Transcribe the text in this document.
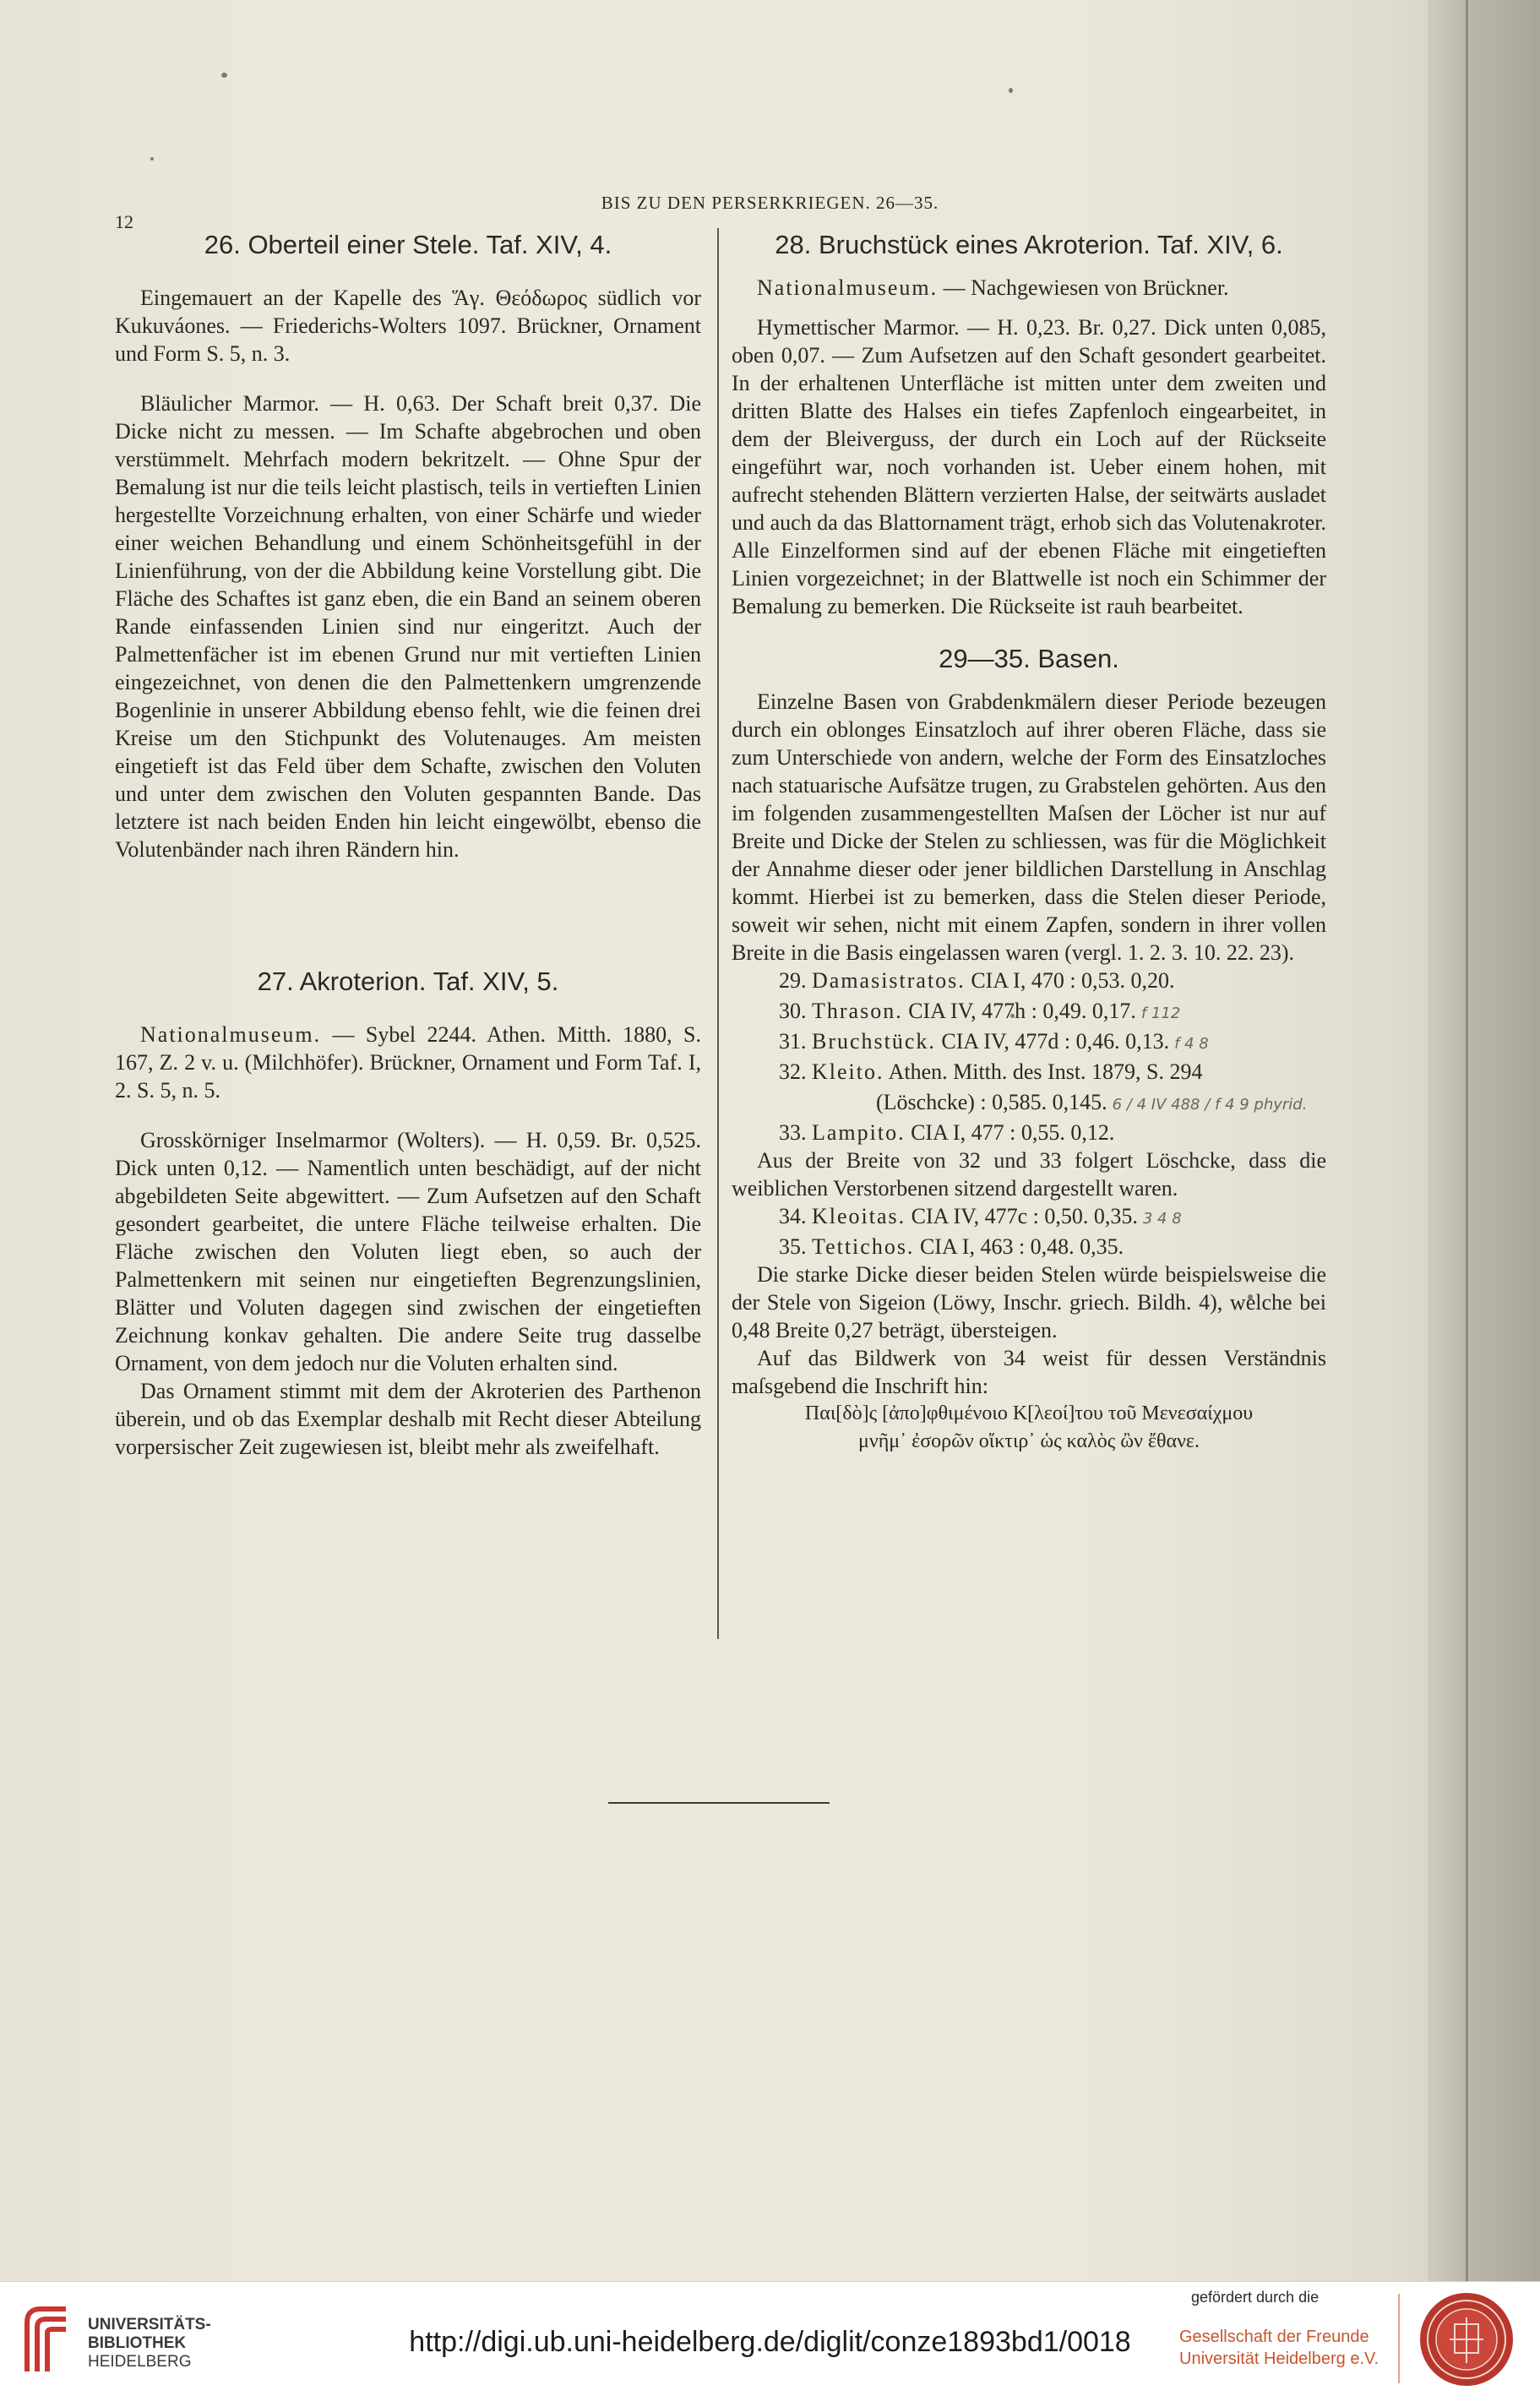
BIS ZU DEN PERSERKRIEGEN. 26—35.
12
26. Oberteil einer Stele. Taf. XIV, 4.

Eingemauert an der Kapelle des Ἅγ. Θεόδωρος südlich vor Kukuváones. — Friederichs-Wolters 1097. Brückner, Ornament und Form S. 5, n. 3.

Bläulicher Marmor. — H. 0,63. Der Schaft breit 0,37. Die Dicke nicht zu messen. — Im Schafte abgebrochen und oben verstümmelt. Mehrfach modern bekritzelt. — Ohne Spur der Bemalung ist nur die teils leicht plastisch, teils in vertieften Linien hergestellte Vorzeichnung erhalten, von einer Schärfe und wieder einer weichen Behandlung und einem Schönheitsgefühl in der Linienführung, von der die Abbildung keine Vorstellung gibt. Die Fläche des Schaftes ist ganz eben, die ein Band an seinem oberen Rande einfassenden Linien sind nur eingeritzt. Auch der Palmettenfächer ist im ebenen Grund nur mit vertieften Linien eingezeichnet, von denen die den Palmettenkern umgrenzende Bogenlinie in unserer Abbildung ebenso fehlt, wie die feinen drei Kreise um den Stichpunkt des Volutenauges. Am meisten eingetieft ist das Feld über dem Schafte, zwischen den Voluten und unter dem zwischen den Voluten gespannten Bande. Das letztere ist nach beiden Enden hin leicht eingewölbt, ebenso die Volutenbänder nach ihren Rändern hin.

27. Akroterion. Taf. XIV, 5.

Nationalmuseum. — Sybel 2244. Athen. Mitth. 1880, S. 167, Z. 2 v. u. (Milchhöfer). Brückner, Ornament und Form Taf. I, 2. S. 5, n. 5.

Grosskörniger Inselmarmor (Wolters). — H. 0,59. Br. 0,525. Dick unten 0,12. — Namentlich unten beschädigt, auf der nicht abgebildeten Seite abgewittert. — Zum Aufsetzen auf den Schaft gesondert gearbeitet, die untere Fläche teilweise erhalten. Die Fläche zwischen den Voluten liegt eben, so auch der Palmettenkern mit seinen nur eingetieften Begrenzungslinien, Blätter und Voluten dagegen sind zwischen der eingetieften Zeichnung konkav gehalten. Die andere Seite trug dasselbe Ornament, von dem jedoch nur die Voluten erhalten sind.

Das Ornament stimmt mit dem der Akroterien des Parthenon überein, und ob das Exemplar deshalb mit Recht dieser Abteilung vorpersischer Zeit zugewiesen ist, bleibt mehr als zweifelhaft.

28. Bruchstück eines Akroterion. Taf. XIV, 6.

Nationalmuseum. — Nachgewiesen von Brückner.

Hymettischer Marmor. — H. 0,23. Br. 0,27. Dick unten 0,085, oben 0,07. — Zum Aufsetzen auf den Schaft gesondert gearbeitet. In der erhaltenen Unterfläche ist mitten unter dem zweiten und dritten Blatte des Halses ein tiefes Zapfenloch eingearbeitet, in dem der Bleiverguss, der durch ein Loch auf der Rückseite eingeführt war, noch vorhanden ist. Ueber einem hohen, mit aufrecht stehenden Blättern verzierten Halse, der seitwärts ausladet und auch da das Blattornament trägt, erhob sich das Volutenakroter. Alle Einzelformen sind auf der ebenen Fläche mit eingetieften Linien vorgezeichnet; in der Blattwelle ist noch ein Schimmer der Bemalung zu bemerken. Die Rückseite ist rauh bearbeitet.

29—35. Basen.

Einzelne Basen von Grabdenkmälern dieser Periode bezeugen durch ein oblonges Einsatzloch auf ihrer oberen Fläche, dass sie zum Unterschiede von andern, welche der Form des Einsatzloches nach statuarische Aufsätze trugen, zu Grabstelen gehörten. Aus den im folgenden zusammengestellten Maſsen der Löcher ist nur auf Breite und Dicke der Stelen zu schliessen, was für die Möglichkeit der Annahme dieser oder jener bildlichen Darstellung in Anschlag kommt. Hierbei ist zu bemerken, dass die Stelen dieser Periode, soweit wir sehen, nicht mit einem Zapfen, sondern in ihrer vollen Breite in die Basis eingelassen waren (vergl. 1. 2. 3. 10. 22. 23).

29. Damasistratos. CIA I, 470 : 0,53. 0,20.
30. Thrason. CIA IV, 477h : 0,49. 0,17. f 112
31. Bruchstück. CIA IV, 477d : 0,46. 0,13. f 4 8
32. Kleito. Athen. Mitth. des Inst. 1879, S. 294
(Löschcke) : 0,585. 0,145. 6 / 4 IV 488 / f 4 9 phyrid.
33. Lampito. CIA I, 477 : 0,55. 0,12.

Aus der Breite von 32 und 33 folgert Löschcke, dass die weiblichen Verstorbenen sitzend dargestellt waren.

34. Kleoitas. CIA IV, 477c : 0,50. 0,35. 3 4 8
35. Tettichos. CIA I, 463 : 0,48. 0,35.

Die starke Dicke dieser beiden Stelen würde beispielsweise die der Stele von Sigeion (Löwy, Inschr. griech. Bildh. 4), welche bei 0,48 Breite 0,27 beträgt, übersteigen.

Auf das Bildwerk von 34 weist für dessen Verständnis maſsgebend die Inschrift hin:

Παι[δὸ]ς [ἀπο]φθιμένοιο Κ[λεοί]του τοῦ Μενεσαίχμου
μνῆμ᾽ ἐσορῶν οἴκτιρ᾽ ὡς καλὸς ὢν ἔθανε.
UNIVERSITÄTS-
BIBLIOTHEK
HEIDELBERG
http://digi.ub.uni-heidelberg.de/diglit/conze1893bd1/0018
gefördert durch die
Gesellschaft der Freunde
Universität Heidelberg e.V.
